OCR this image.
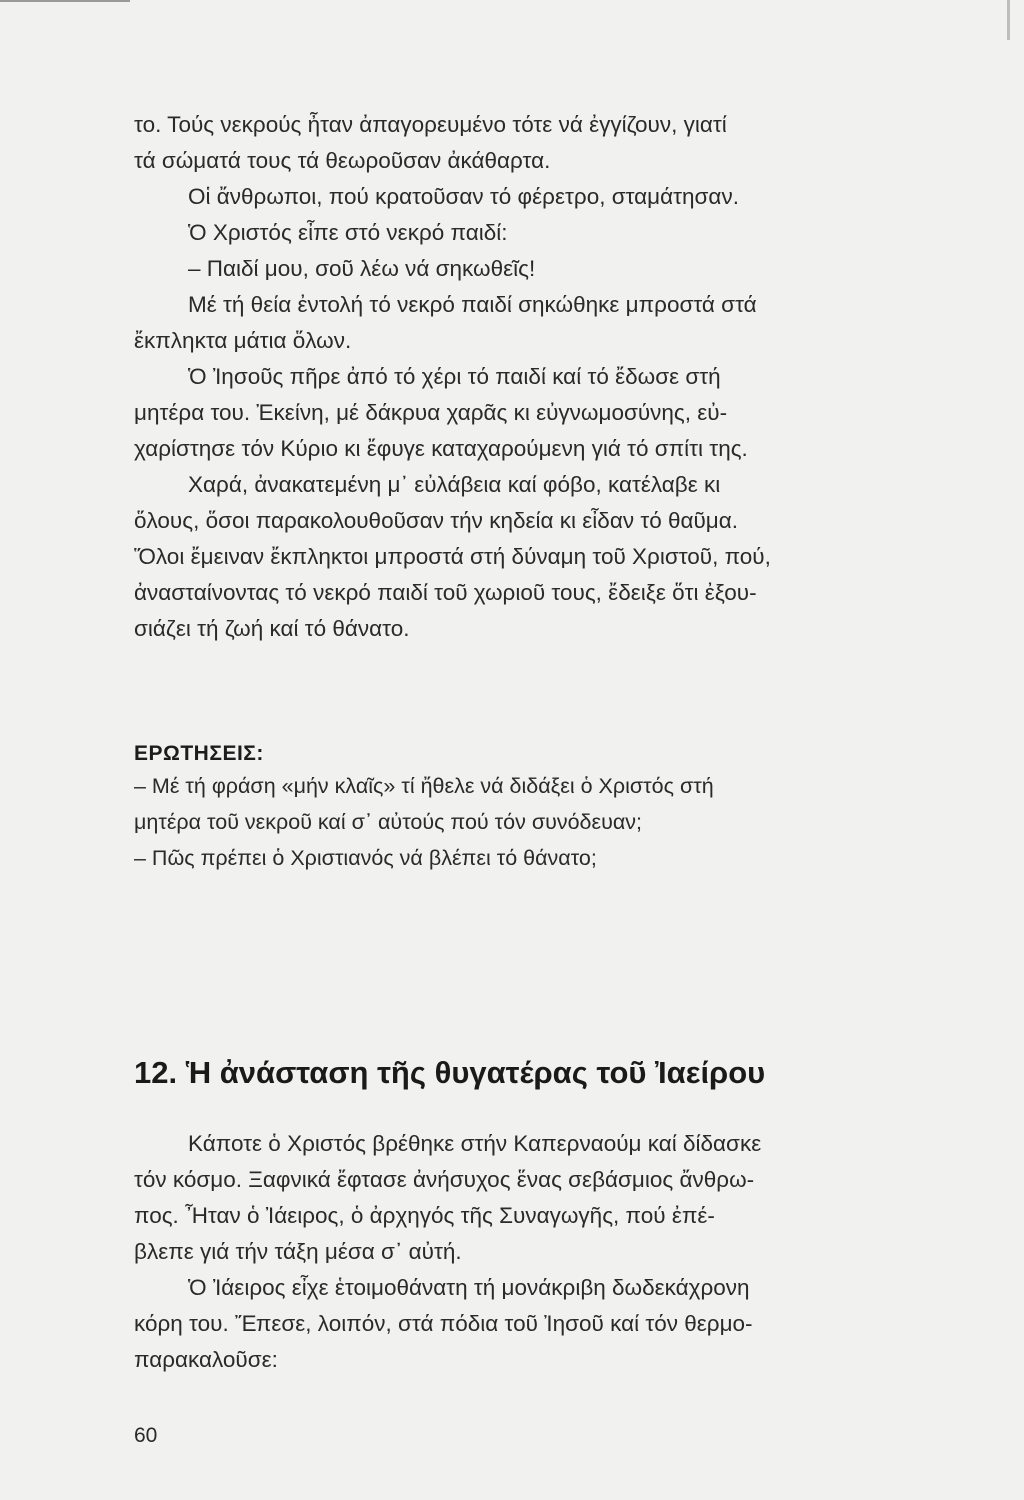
το. Τούς νεκρούς ἦταν ἀπαγορευμένο τότε νά ἐγγίζουν, γιατί
τά σώματά τους τά θεωροῦσαν ἀκάθαρτα.
Οἱ ἄνθρωποι, πού κρατοῦσαν τό φέρετρο, σταμάτησαν.
Ὁ Χριστός εἶπε στό νεκρό παιδί:
– Παιδί μου, σοῦ λέω νά σηκωθεῖς!
Μέ τή θεία ἐντολή τό νεκρό παιδί σηκώθηκε μπροστά στά
ἔκπληκτα μάτια ὅλων.
Ὁ Ἰησοῦς πῆρε ἀπό τό χέρι τό παιδί καί τό ἔδωσε στή
μητέρα του. Ἐκείνη, μέ δάκρυα χαρᾶς κι εὐγνωμοσύνης, εὐ-
χαρίστησε τόν Κύριο κι ἔφυγε καταχαρούμενη γιά τό σπίτι της.
Χαρά, ἀνακατεμένη μ᾿ εὐλάβεια καί φόβο, κατέλαβε κι
ὅλους, ὅσοι παρακολουθοῦσαν τήν κηδεία κι εἶδαν τό θαῦμα.
Ὅλοι ἔμειναν ἔκπληκτοι μπροστά στή δύναμη τοῦ Χριστοῦ, πού,
ἀνασταίνοντας τό νεκρό παιδί τοῦ χωριοῦ τους, ἔδειξε ὅτι ἐξου-
σιάζει τή ζωή καί τό θάνατο.
ΕΡΩΤΗΣΕΙΣ:
– Μέ τή φράση «μήν κλαῖς» τί ἤθελε νά διδάξει ὁ Χριστός στή
μητέρα τοῦ νεκροῦ καί σ᾿ αὐτούς πού τόν συνόδευαν;
– Πῶς πρέπει ὁ Χριστιανός νά βλέπει τό θάνατο;
12. Ἡ ἀνάσταση τῆς θυγατέρας τοῦ Ἰαείρου
Κάποτε ὁ Χριστός βρέθηκε στήν Καπερναούμ καί δίδασκε
τόν κόσμο. Ξαφνικά ἔφτασε ἀνήσυχος ἕνας σεβάσμιος ἄνθρω-
πος. Ἦταν ὁ Ἰάειρος, ὁ ἀρχηγός τῆς Συναγωγῆς, πού ἐπέ-
βλεπε γιά τήν τάξη μέσα σ᾿ αὐτή.
Ὁ Ἰάειρος εἶχε ἑτοιμοθάνατη τή μονάκριβη δωδεκάχρονη
κόρη του. Ἔπεσε, λοιπόν, στά πόδια τοῦ Ἰησοῦ καί τόν θερμο-
παρακαλοῦσε:
60
